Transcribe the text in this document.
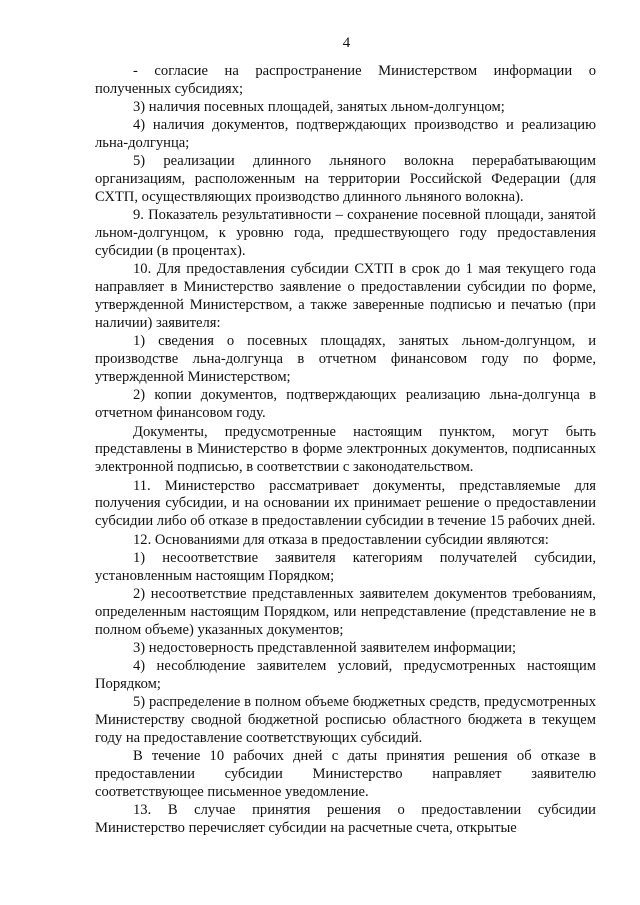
4

- согласие на распространение Министерством информации о полученных субсидиях;

3) наличия посевных площадей, занятых льном-долгунцом;

4) наличия документов, подтверждающих производство и реализацию льна-долгунца;

5) реализации длинного льняного волокна перерабатывающим организациям, расположенным на территории Российской Федерации (для СХТП, осуществляющих производство длинного льняного волокна).

9. Показатель результативности – сохранение посевной площади, занятой льном-долгунцом, к уровню года, предшествующего году предоставления субсидии (в процентах).

10. Для предоставления субсидии СХТП в срок до 1 мая текущего года направляет в Министерство заявление о предоставлении субсидии по форме, утвержденной Министерством, а также заверенные подписью и печатью (при наличии) заявителя:

1) сведения о посевных площадях, занятых льном-долгунцом, и производстве льна-долгунца в отчетном финансовом году по форме, утвержденной Министерством;

2) копии документов, подтверждающих реализацию льна-долгунца в отчетном финансовом году.

Документы, предусмотренные настоящим пунктом, могут быть представлены в Министерство в форме электронных документов, подписанных электронной подписью, в соответствии с законодательством.

11. Министерство рассматривает документы, представляемые для получения субсидии, и на основании их принимает решение о предоставлении субсидии либо об отказе в предоставлении субсидии в течение 15 рабочих дней.

12. Основаниями для отказа в предоставлении субсидии являются:

1) несоответствие заявителя категориям получателей субсидии, установленным настоящим Порядком;

2) несоответствие представленных заявителем документов требованиям, определенным настоящим Порядком, или непредставление (представление не в полном объеме) указанных документов;

3) недостоверность представленной заявителем информации;

4) несоблюдение заявителем условий, предусмотренных настоящим Порядком;

5) распределение в полном объеме бюджетных средств, предусмотренных Министерству сводной бюджетной росписью областного бюджета в текущем году на предоставление соответствующих субсидий.

В течение 10 рабочих дней с даты принятия решения об отказе в предоставлении субсидии Министерство направляет заявителю соответствующее письменное уведомление.

13. В случае принятия решения о предоставлении субсидии Министерство перечисляет субсидии на расчетные счета, открытые
